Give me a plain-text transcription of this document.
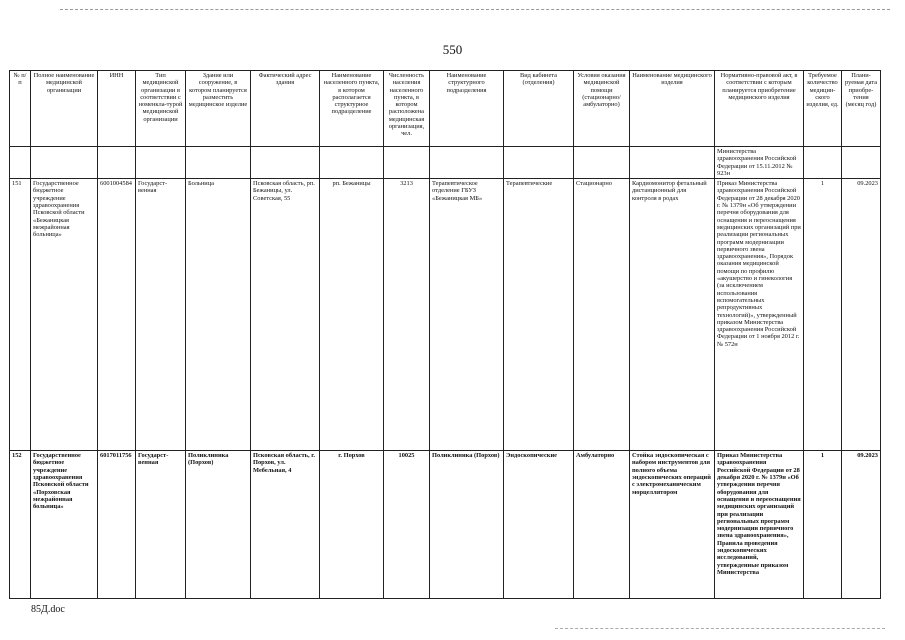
550
№ п/п	Полное наименование медицинской организации	ИНН	Тип медицинской организации в соответствии с номенкла-турой медицинской организации	Здание или сооружение, в котором планируется разместить медицинское изделие	Фактический адрес здания	Наименование населенного пункта, в котором располагается структурное подразделение	Численность населения населенного пункта, в котором расположена медицинская организация, чел.	Наименование структурного подразделения	Вид кабинета (отделения)	Условия оказания медицинской помощи (стационарно/ амбулаторно)	Наименование медицинского изделия	Нормативно-правовой акт, в соответствии с которым планируется приобретение медицинского изделия	Требуемое количество медицин-ского изделия, ед.	Плани-руемая дата приобре-тения (месяц год)
												Министерства здравоохранения Российской Федерации от 15.11.2012 № 923н		
151	Государственное бюджетное учреждение здравоохранения Псковской области «Бежаницкая межрайонная больница»	6001004584	Государст-венная	Больница	Псковская область, рп. Бежаницы, ул. Советская, 55	рп. Бежаницы	3213	Терапевтическое отделение ГБУЗ «Бежаницкая МБ»	Терапевтические	Стационарно	Кардиомонитор фетальный дистанционный для контроля в родах	Приказ Министерства здравоохранения Российской Федерации от 28 декабря 2020 г. № 1379н «Об утверждении перечня оборудования для оснащения и переоснащения медицинских организаций при реализации региональных программ модернизации первичного звена здравоохранения», Порядок оказания медицинской помощи по профилю «акушерство и гинекология (за исключением использования вспомогательных репродуктивных технологий)», утвержденный приказом Министерства здравоохранения Российской Федерации от 1 ноября 2012 г. № 572н	1	09.2023
152	Государственное бюджетное учреждение здравоохранения Псковской области «Порховская межрайонная больница»	6017011756	Государст-венная	Поликлиника (Порхов)	Псковская область, г. Порхов, ул. Мебельная, 4	г. Порхов	10025	Поликлиника (Порхов)	Эндоскопические	Амбулаторно	Стойка эндоскопическая с набором инструментов для полного объема эндоскопических операций с электромеханическим морцеллятором	Приказ Министерства здравоохранения Российской Федерации от 28 декабря 2020 г. № 1379н «Об утверждении перечня оборудования для оснащения и переоснащения медицинских организаций при реализации региональных программ модернизации первичного звена здравоохранения», Правила проведения эндоскопических исследований, утвержденные приказом Министерства	1	09.2023
85Д.doc
